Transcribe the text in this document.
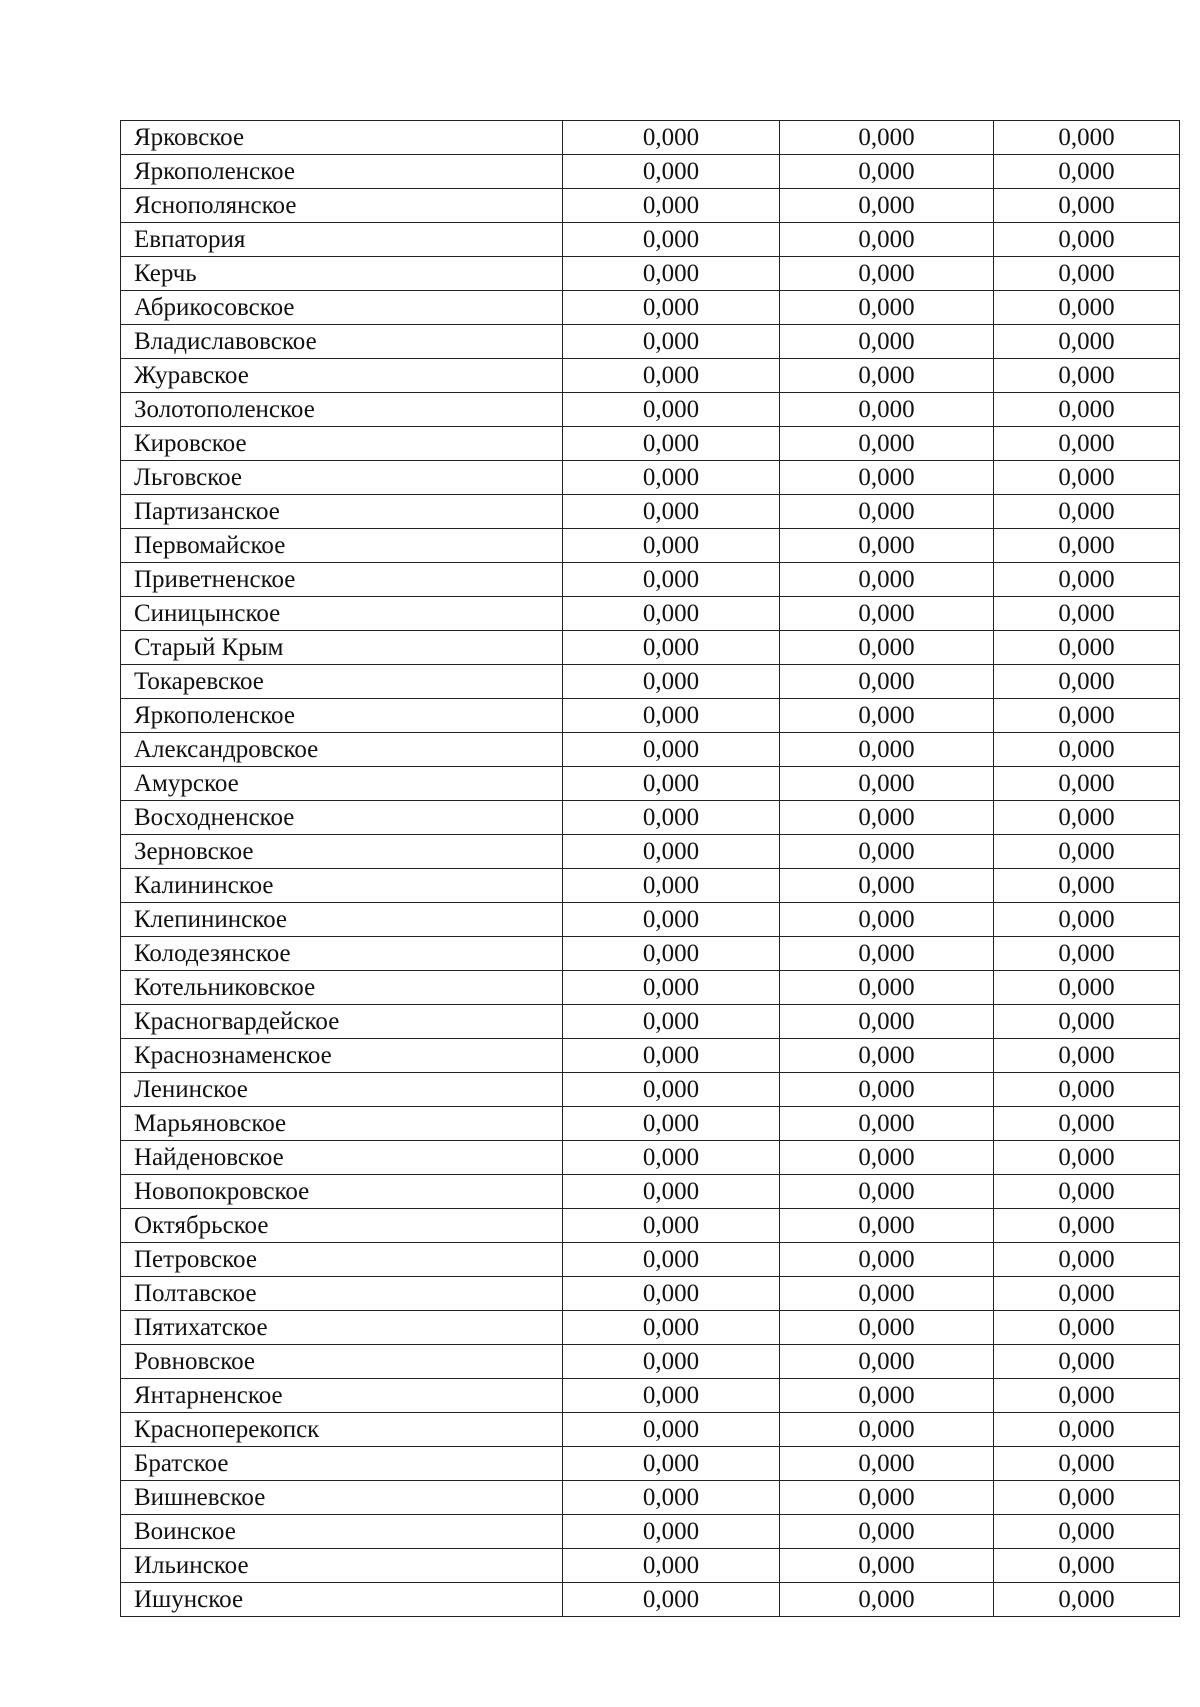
Ярковское	0,000	0,000	0,000
Яркополенское	0,000	0,000	0,000
Яснополянское	0,000	0,000	0,000
Евпатория	0,000	0,000	0,000
Керчь	0,000	0,000	0,000
Абрикосовское	0,000	0,000	0,000
Владиславовское	0,000	0,000	0,000
Журавское	0,000	0,000	0,000
Золотополенское	0,000	0,000	0,000
Кировское	0,000	0,000	0,000
Льговское	0,000	0,000	0,000
Партизанское	0,000	0,000	0,000
Первомайское	0,000	0,000	0,000
Приветненское	0,000	0,000	0,000
Синицынское	0,000	0,000	0,000
Старый Крым	0,000	0,000	0,000
Токаревское	0,000	0,000	0,000
Яркополенское	0,000	0,000	0,000
Александровское	0,000	0,000	0,000
Амурское	0,000	0,000	0,000
Восходненское	0,000	0,000	0,000
Зерновское	0,000	0,000	0,000
Калининское	0,000	0,000	0,000
Клепининское	0,000	0,000	0,000
Колодезянское	0,000	0,000	0,000
Котельниковское	0,000	0,000	0,000
Красногвардейское	0,000	0,000	0,000
Краснознаменское	0,000	0,000	0,000
Ленинское	0,000	0,000	0,000
Марьяновское	0,000	0,000	0,000
Найденовское	0,000	0,000	0,000
Новопокровское	0,000	0,000	0,000
Октябрьское	0,000	0,000	0,000
Петровское	0,000	0,000	0,000
Полтавское	0,000	0,000	0,000
Пятихатское	0,000	0,000	0,000
Ровновское	0,000	0,000	0,000
Янтарненское	0,000	0,000	0,000
Красноперекопск	0,000	0,000	0,000
Братское	0,000	0,000	0,000
Вишневское	0,000	0,000	0,000
Воинское	0,000	0,000	0,000
Ильинское	0,000	0,000	0,000
Ишунское	0,000	0,000	0,000
